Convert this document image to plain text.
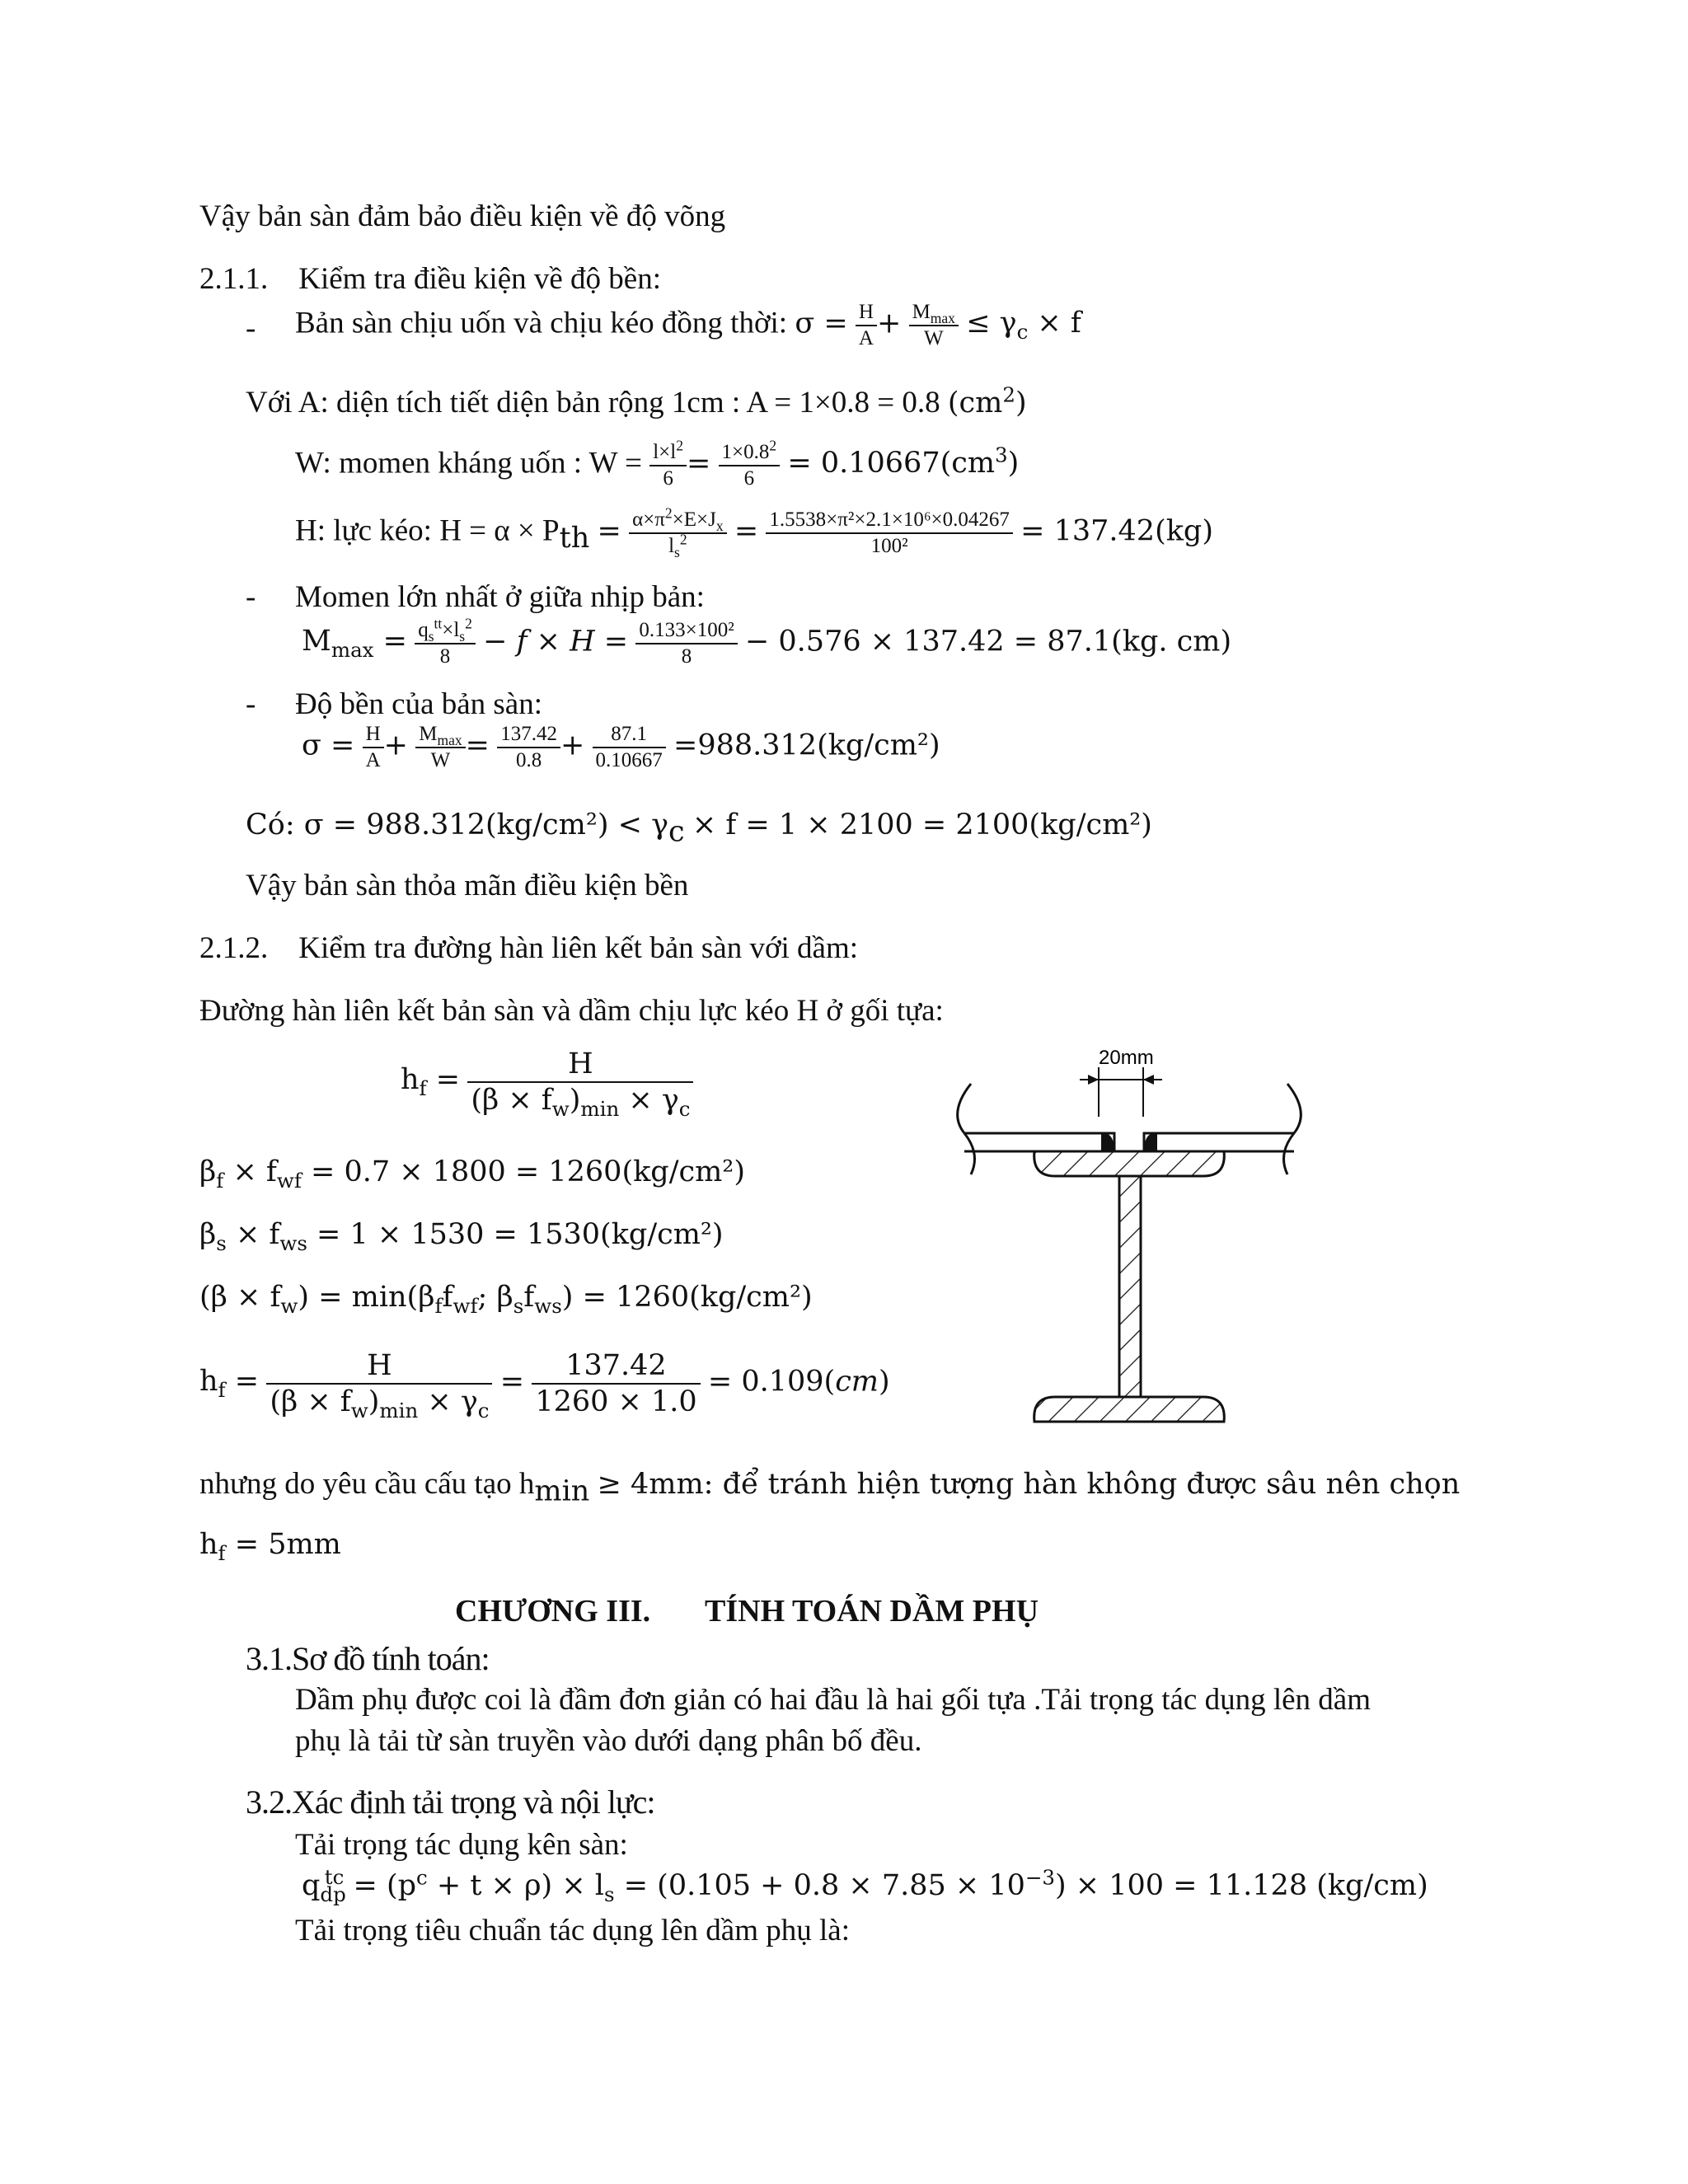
Vậy bản sàn đảm bảo điều kiện về độ võng
2.1.1. Kiểm tra điều kiện về độ bền:
- Bản sàn chịu uốn và chịu kéo đồng thời: $\sigma = \frac{H}{A} + \frac{M_{max}}{W} \le \gamma_c \times f$
Với A: diện tích tiết diện bản rộng 1cm : A = 1×0.8 = 0.8 $(cm^2)$
W: momen kháng uốn : $W = \frac{l\times l^2}{6} = \frac{1\times 0.8^2}{6} = 0.10667(cm^3)$
H: lực kéo: $H = \alpha \times P_{th} = \frac{\alpha\times\pi^2\times E\times J_x}{l_s^2} = \frac{\text{1.5538×π²×2.1×10⁶×0.04267}}{\text{100²}} = 137.42(kg)$
- Momen lớn nhất ở giữa nhịp bản:
$M_{max} = \frac{q_s^{tt}\times l_s^2}{8} - f \times H = \frac{\text{0.133×100²}}{8} - 0.576 \times 137.42 = 87.1(kg$. cm)
- Độ bền của bản sàn:
$\sigma = \frac{H}{A} + \frac{M_{max}}{W} = \frac{137.42}{0.8} + \frac{87.1}{0.10667} =988.312(kg/cm^2)$
Có: $\sigma = 988.312(kg/cm^2) < \gamma_c \times f = 1 \times 2100 = 2100(kg/cm^2)$
Vậy bản sàn thỏa mãn điều kiện bền
2.1.2. Kiểm tra đường hàn liên kết bản sàn với dầm:
Đường hàn liên kết bản sàn và dầm chịu lực kéo H ở gối tựa:
$h_f = \frac{H}{(\beta \times f_w)_{min} \times \gamma_c}$
$\beta_f \times f_{wf} = 0.7 \times 1800 = 1260(kg/cm^2)$
$\beta_s \times f_{ws} = 1 \times 1530 = 1530(kg/cm^2)$
$(\beta \times f_w) = \min(\beta_ff_{wf}$; $\beta_sf_{ws}) = 1260(kg/cm^2)$
$h_f = \frac{H}{(\beta \times f_w)_{min} \times \gamma_c} = \frac{137.42}{1260 \times 1.0} = 0.109(cm)$
nhưng do yêu cầu cấu tạo $h_{min} \ge 4mm$: để tránh hiện tượng hàn không được sâu nên chọn
$h_f = 5mm$
CHƯƠNG III. TÍNH TOÁN DẦM PHỤ
3.1.Sơ đồ tính toán:
Dầm phụ được coi là đầm đơn giản có hai đầu là hai gối tựa .Tải trọng tác dụng lên dầm
phụ là tải từ sàn truyền vào dưới dạng phân bố đều.
3.2.Xác định tải trọng và nội lực:
Tải trọng tác dụng kên sàn:
$q_{dp}^{tc} = (p^c + t \times \rho) \times l_s = (0.105 + 0.8 \times 7.85 \times 10^{-3}) \times 100 = 11.128$ (kg/cm)
Tải trọng tiêu chuẩn tác dụng lên dầm phụ là:
20mm
